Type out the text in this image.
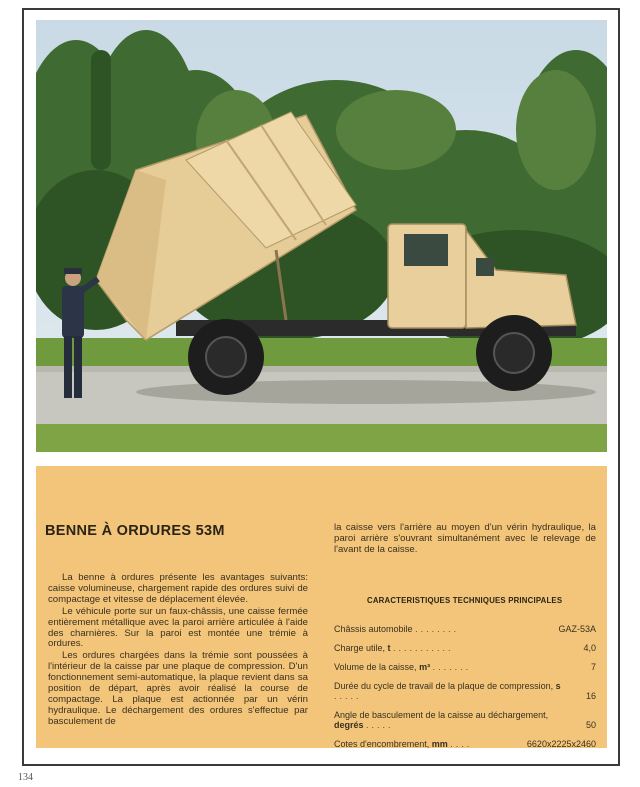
BENNE À ORDURES 53M

La benne à ordures présente les avantages suivants: caisse volumineuse, chargement rapide des ordures suivi de compactage et vitesse de déplacement élevée.

Le véhicule porte sur un faux-châssis, une caisse fermée entièrement métallique avec la paroi arrière articulée à l'aide des charnières. Sur la paroi est montée une trémie à ordures.

Les ordures chargées dans la trémie sont poussées à l'intérieur de la caisse par une plaque de compression. D'un fonctionnement semi-automatique, la plaque revient dans sa position de départ, après avoir réalisé la course de compactage. La plaque est actionnée par un vérin hydraulique. Le déchargement des ordures s'effectue par basculement de

la caisse vers l'arrière au moyen d'un vérin hydraulique, la paroi arrière s'ouvrant simultanément avec le relevage de l'avant de la caisse.

CARACTERISTIQUES TECHNIQUES PRINCIPALES
Châssis automobile ........	GAZ-53A
Charge utile, t ...........	4,0
Volume de la caisse, m³ .......	7
Durée du cycle de travail de la plaque de compression, s .....	16
Angle de basculement de la caisse au déchargement, degrés .....	50
Cotes d'encombrement, mm ....	6620x2225x2460
134
